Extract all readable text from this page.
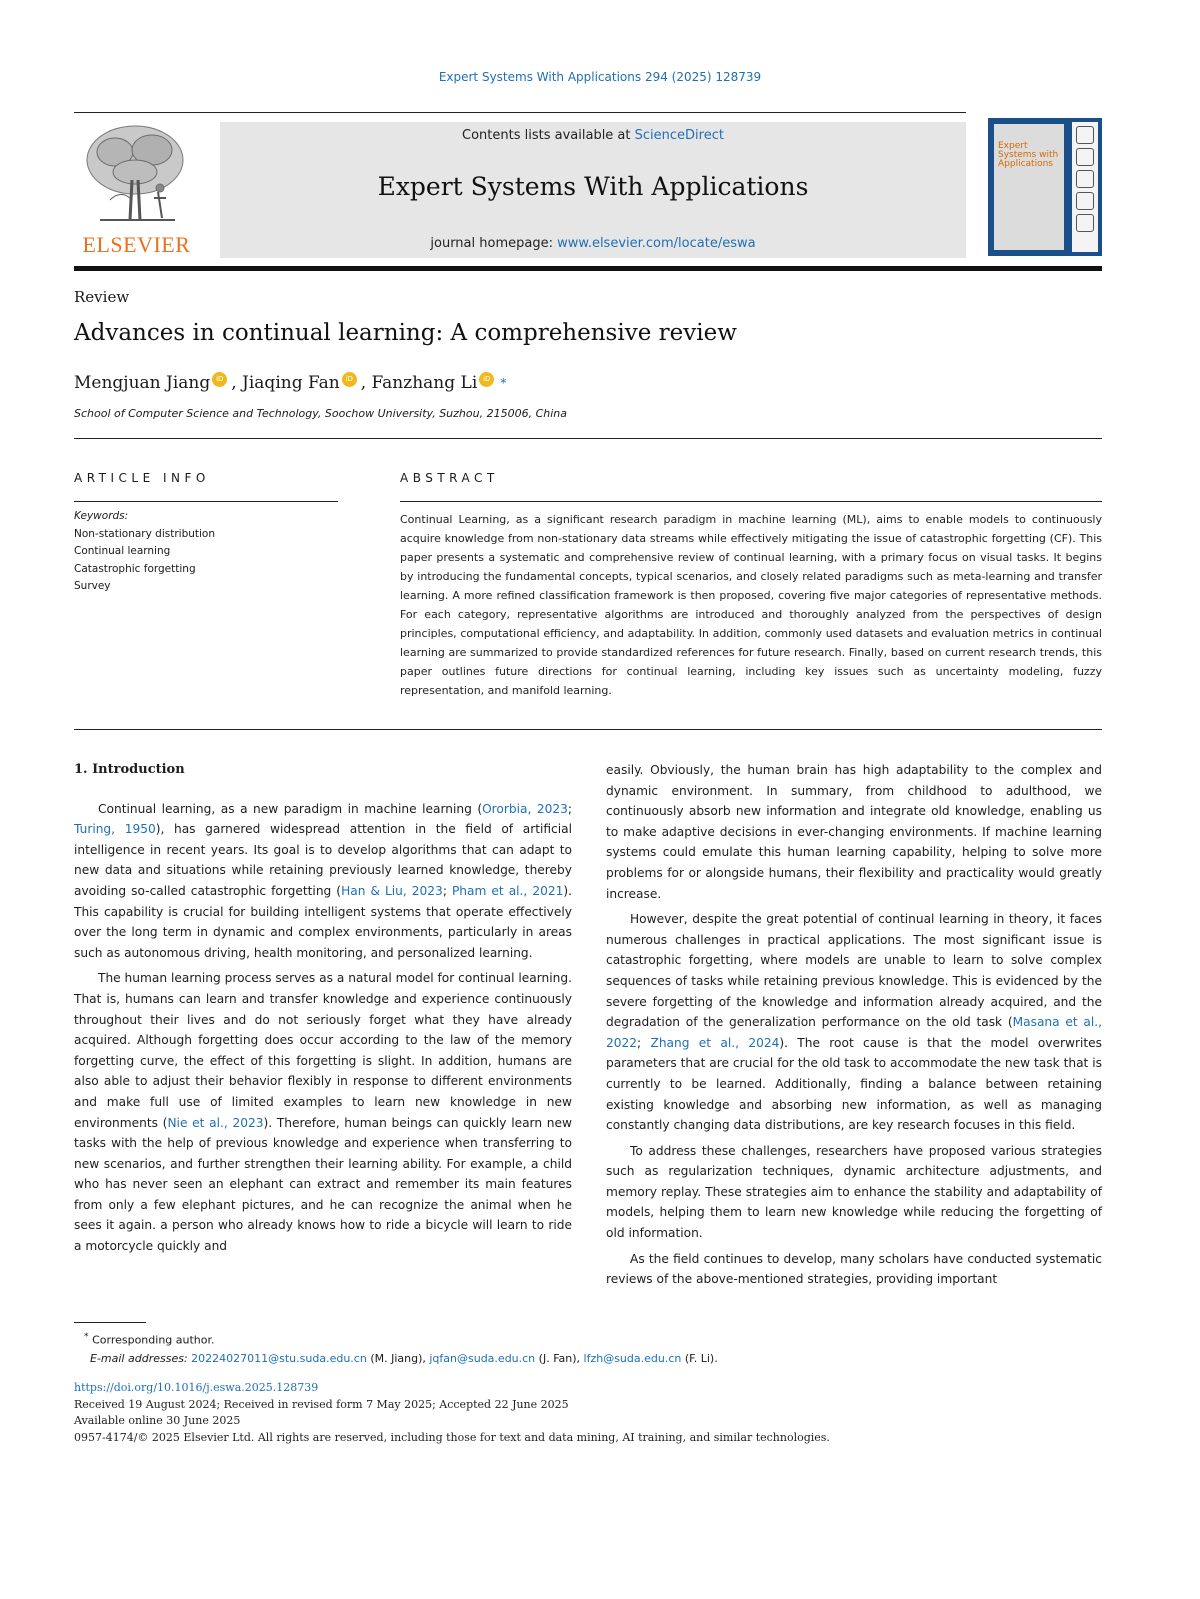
Expert Systems With Applications 294 (2025) 128739
ELSEVIER
Contents lists available at ScienceDirect
Expert Systems With Applications
journal homepage: www.elsevier.com/locate/eswa
Expert Systems with Applications
Review
Advances in continual learning: A comprehensive review
Mengjuan Jiang iD ,
Jiaqing Fan iD ,
Fanzhang Li iD *
School of Computer Science and Technology, Soochow University, Suzhou, 215006, China
ARTICLE INFO	ABSTRACT
Keywords:
Non-stationary distribution
Continual learning
Catastrophic forgetting
Survey
Continual Learning, as a significant research paradigm in machine learning (ML), aims to enable models to continuously acquire knowledge from non-stationary data streams while effectively mitigating the issue of catastrophic forgetting (CF). This paper presents a systematic and comprehensive review of continual learning, with a primary focus on visual tasks. It begins by introducing the fundamental concepts, typical scenarios, and closely related paradigms such as meta-learning and transfer learning. A more refined classification framework is then proposed, covering five major categories of representative methods. For each category, representative algorithms are introduced and thoroughly analyzed from the perspectives of design principles, computational efficiency, and adaptability. In addition, commonly used datasets and evaluation metrics in continual learning are summarized to provide standardized references for future research. Finally, based on current research trends, this paper outlines future directions for continual learning, including key issues such as uncertainty modeling, fuzzy representation, and manifold learning.
1. Introduction

Continual learning, as a new paradigm in machine learning (Ororbia, 2023; Turing, 1950), has garnered widespread attention in the field of artificial intelligence in recent years. Its goal is to develop algorithms that can adapt to new data and situations while retaining previously learned knowledge, thereby avoiding so-called catastrophic forgetting (Han & Liu, 2023; Pham et al., 2021). This capability is crucial for building intelligent systems that operate effectively over the long term in dynamic and complex environments, particularly in areas such as autonomous driving, health monitoring, and personalized learning.

The human learning process serves as a natural model for continual learning. That is, humans can learn and transfer knowledge and experience continuously throughout their lives and do not seriously forget what they have already acquired. Although forgetting does occur according to the law of the memory forgetting curve, the effect of this forgetting is slight. In addition, humans are also able to adjust their behavior flexibly in response to different environments and make full use of limited examples to learn new knowledge in new environments (Nie et al., 2023). Therefore, human beings can quickly learn new tasks with the help of previous knowledge and experience when transferring to new scenarios, and further strengthen their learning ability. For example, a child who has never seen an elephant can extract and remember its main features from only a few elephant pictures, and he can recognize the animal when he sees it again. a person who already knows how to ride a bicycle will learn to ride a motorcycle quickly and

easily. Obviously, the human brain has high adaptability to the complex and dynamic environment. In summary, from childhood to adulthood, we continuously absorb new information and integrate old knowledge, enabling us to make adaptive decisions in ever-changing environments. If machine learning systems could emulate this human learning capability, helping to solve more problems for or alongside humans, their flexibility and practicality would greatly increase.

However, despite the great potential of continual learning in theory, it faces numerous challenges in practical applications. The most significant issue is catastrophic forgetting, where models are unable to learn to solve complex sequences of tasks while retaining previous knowledge. This is evidenced by the severe forgetting of the knowledge and information already acquired, and the degradation of the generalization performance on the old task (Masana et al., 2022; Zhang et al., 2024). The root cause is that the model overwrites parameters that are crucial for the old task to accommodate the new task that is currently to be learned. Additionally, finding a balance between retaining existing knowledge and absorbing new information, as well as managing constantly changing data distributions, are key research focuses in this field.

To address these challenges, researchers have proposed various strategies such as regularization techniques, dynamic architecture adjustments, and memory replay. These strategies aim to enhance the stability and adaptability of models, helping them to learn new knowledge while reducing the forgetting of old information.

As the field continues to develop, many scholars have conducted systematic reviews of the above-mentioned strategies, providing important

* Corresponding author.
E-mail addresses: 20224027011@stu.suda.edu.cn (M. Jiang), jqfan@suda.edu.cn (J. Fan), lfzh@suda.edu.cn (F. Li).
https://doi.org/10.1016/j.eswa.2025.128739
Received 19 August 2024; Received in revised form 7 May 2025; Accepted 22 June 2025
Available online 30 June 2025
0957-4174/© 2025 Elsevier Ltd. All rights are reserved, including those for text and data mining, AI training, and similar technologies.
